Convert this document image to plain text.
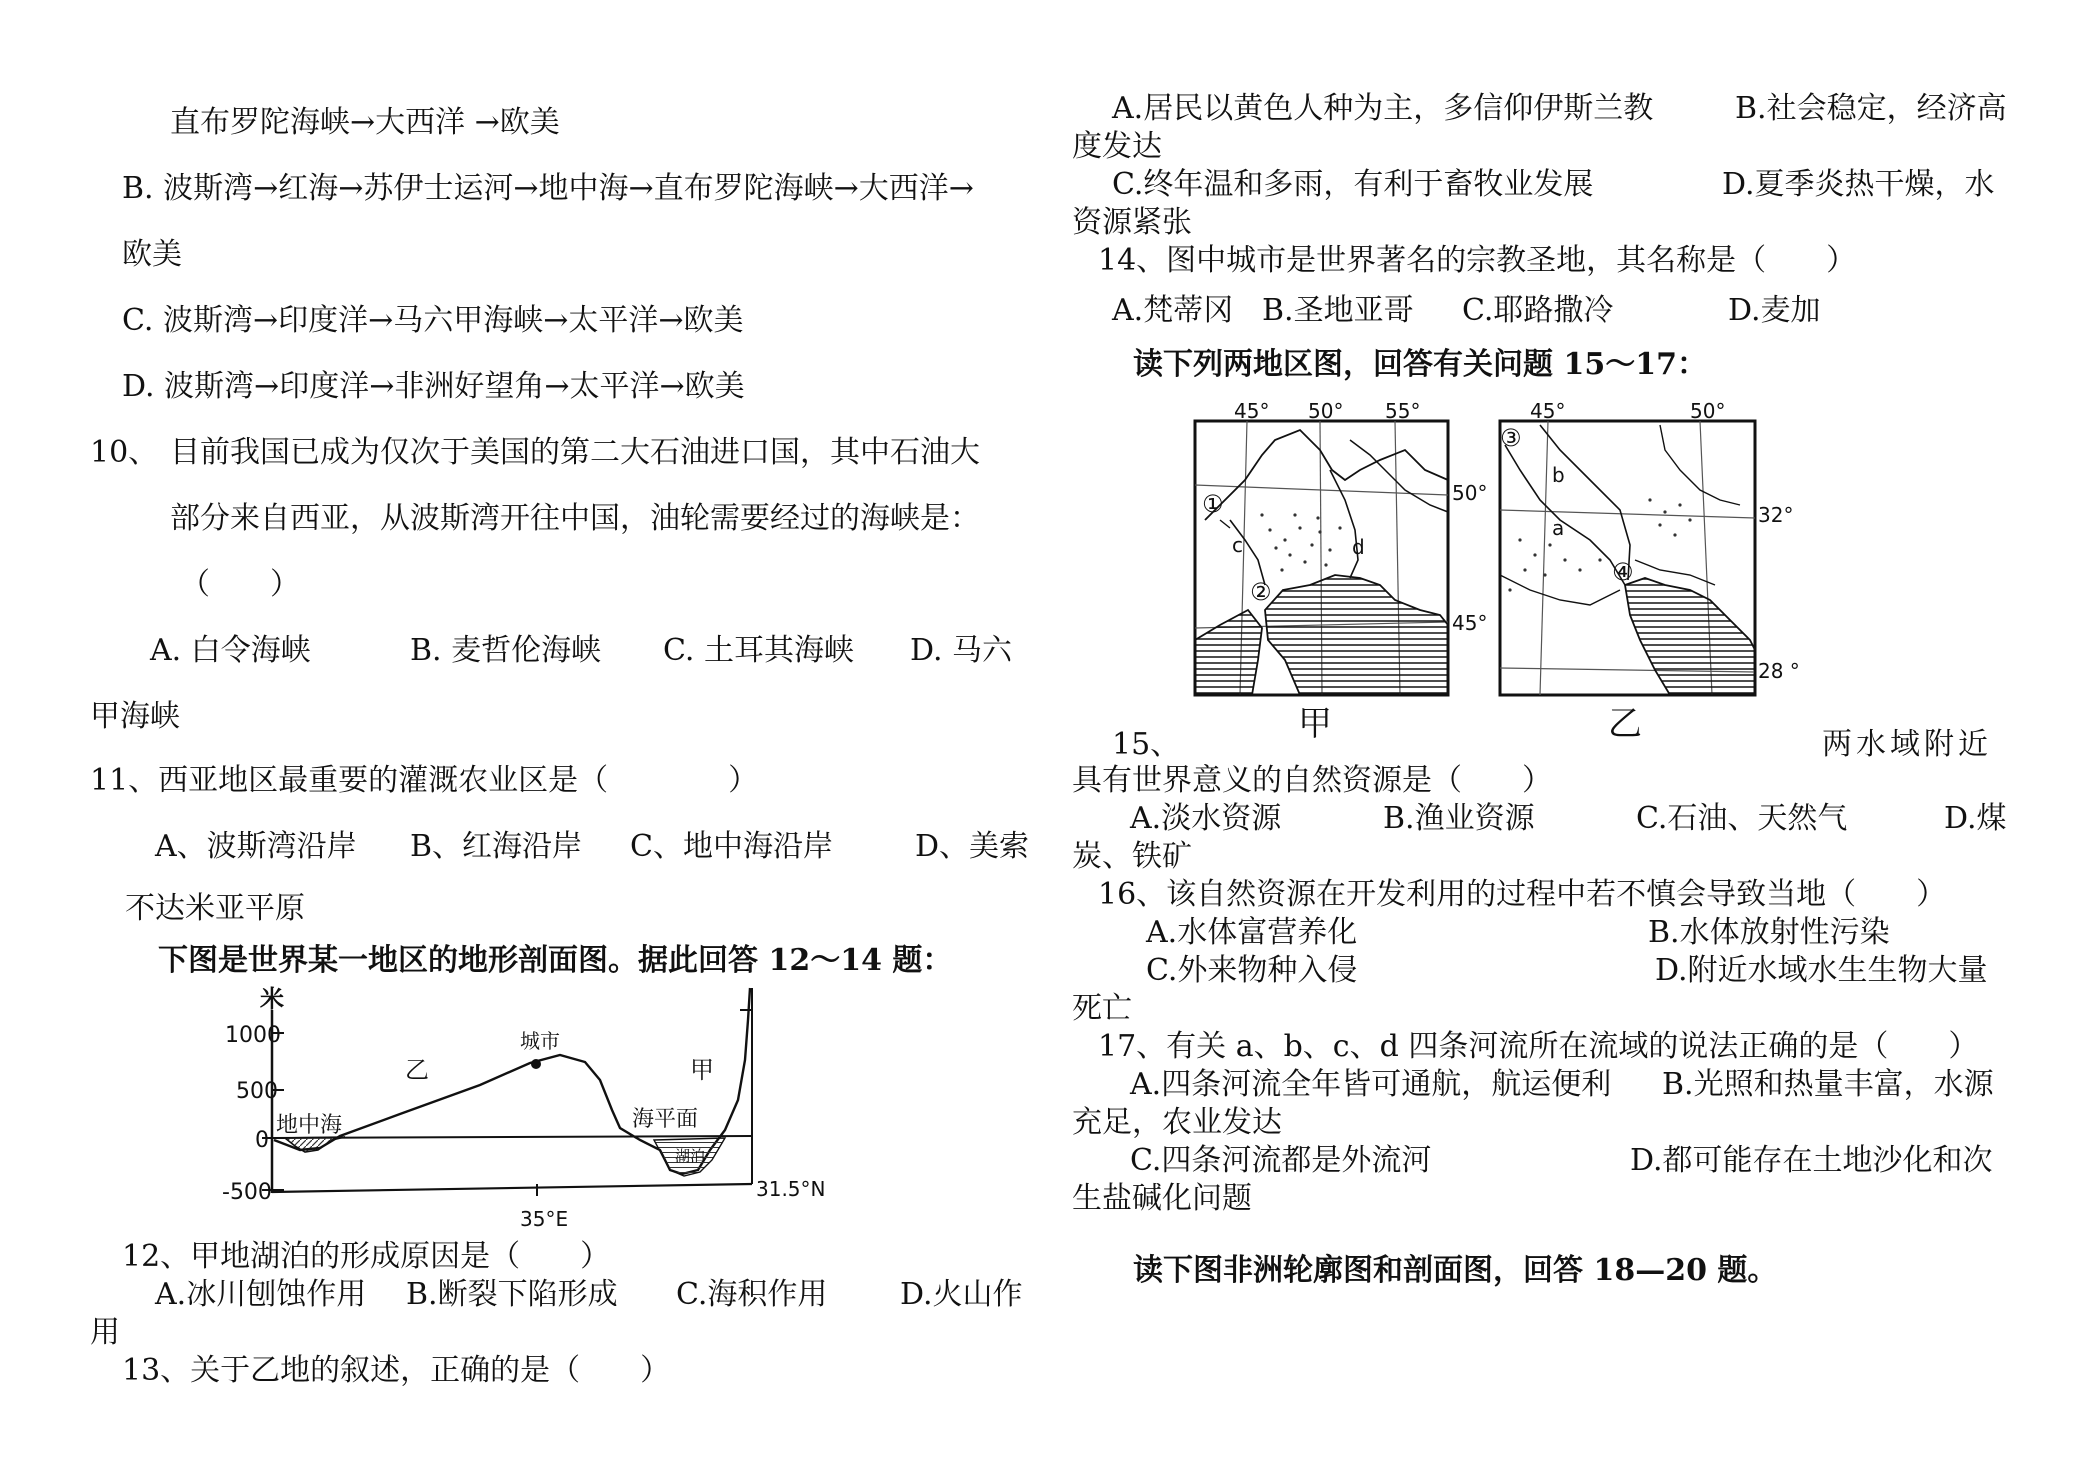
直布罗陀海峡→大西洋 →欧美
B. 波斯湾→红海→苏伊士运河→地中海→直布罗陀海峡→大西洋→
欧美
C. 波斯湾→印度洋→马六甲海峡→太平洋→欧美
D. 波斯湾→印度洋→非洲好望角→太平洋→欧美
10、 目前我国已成为仅次于美国的第二大石油进口国，其中石油大
部分来自西亚，从波斯湾开往中国，油轮需要经过的海峡是：
（　　）
A. 白令海峡	B. 麦哲伦海峡 C. 土耳其海峡 D. 马六
甲海峡
11、西亚地区最重要的灌溉农业区是（　　　　）
A、波斯湾沿岸 B、红海沿岸 C、地中海沿岸	D、美索
不达米亚平原
下图是世界某一地区的地形剖面图。据此回答 12～14 题：
米
1000
500
0
-500
地中海
乙
城市
甲
海平面
湖泊
31.5°N
35°E
12、甲地湖泊的形成原因是（　　）
A.冰川刨蚀作用 B.断裂下陷形成 C.海积作用 D.火山作
用
13、关于乙地的叙述，正确的是（　　）
A.居民以黄色人种为主，多信仰伊斯兰教	B.社会稳定，经济高
度发达
C.终年温和多雨，有利于畜牧业发展	D.夏季炎热干燥，水
资源紧张
14、图中城市是世界著名的宗教圣地，其名称是（　　）
A.梵蒂冈 B.圣地亚哥 C.耶路撒冷	D.麦加
读下列两地区图，回答有关问题 15～17：
45° 50° 55°
50°
45°
①
②
c	d
甲
45°	50°
32°
28 °
③
④
a
b
乙
15、	两水域附近
具有世界意义的自然资源是（　　）
A.淡水资源	B.渔业资源	C.石油、天然气	D.煤
炭、铁矿
16、该自然资源在开发利用的过程中若不慎会导致当地（　　）
A.水体富营养化	B.水体放射性污染
C.外来物种入侵	D.附近水域水生生物大量
死亡
17、有关 a、b、c、d 四条河流所在流域的说法正确的是（　　）
A.四条河流全年皆可通航，航运便利 B.光照和热量丰富，水源
充足，农业发达
C.四条河流都是外流河	D.都可能存在土地沙化和次
生盐碱化问题
读下图非洲轮廓图和剖面图，回答 18—20 题。
